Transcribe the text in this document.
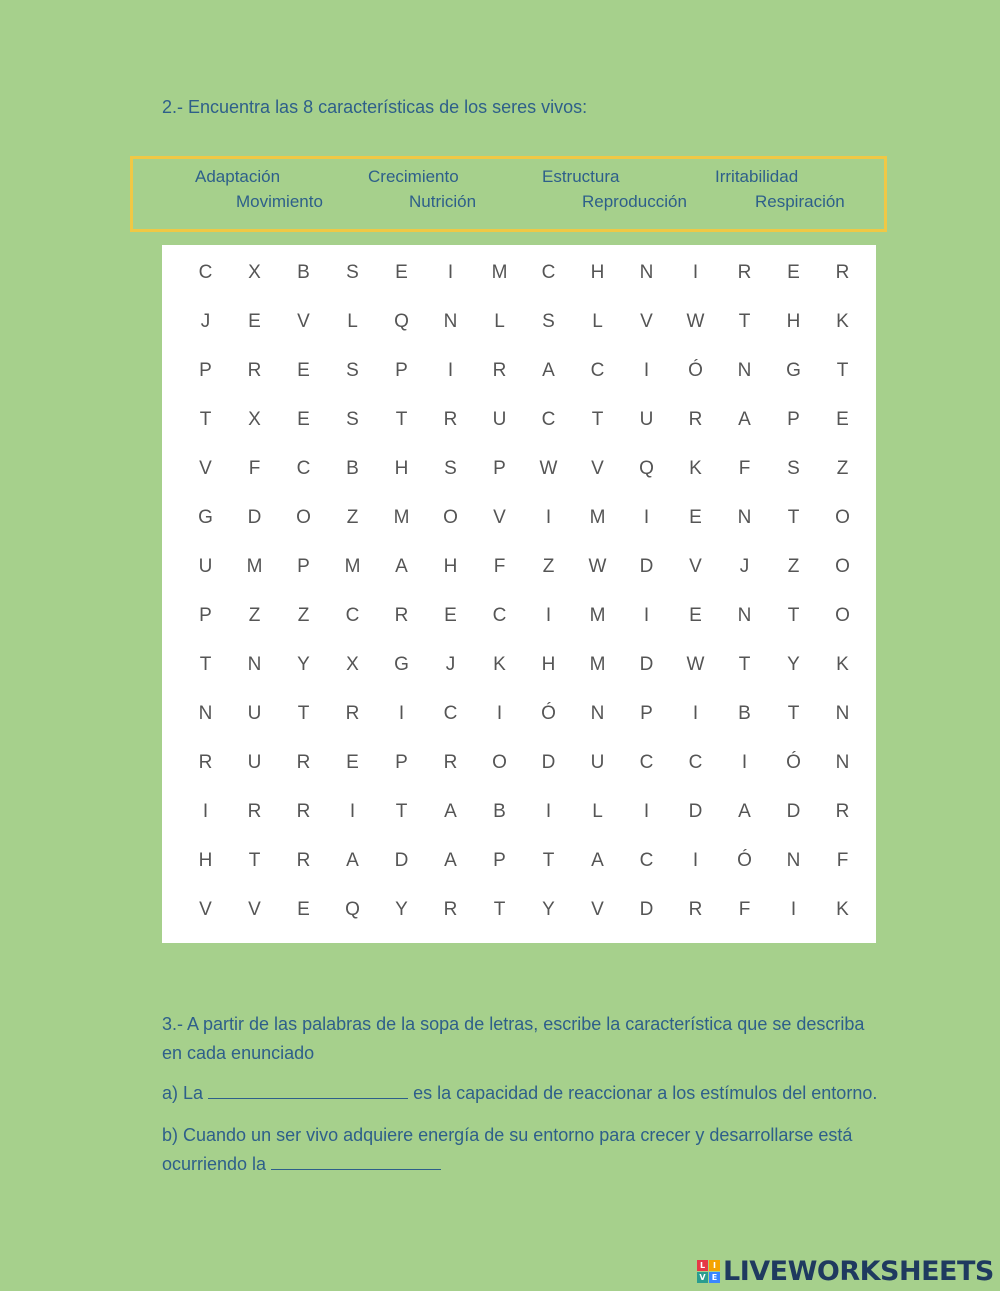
2.- Encuentra las 8 características de los seres vivos:
Adaptación	Crecimiento	Estructura	Irritabilidad
Movimiento	Nutrición	Reproducción	Respiración
C	X	B	S	E	I	M	C	H	N	I	R	E	R
J	E	V	L	Q	N	L	S	L	V	W	T	H	K
P	R	E	S	P	I	R	A	C	I	Ó	N	G	T
T	X	E	S	T	R	U	C	T	U	R	A	P	E
V	F	C	B	H	S	P	W	V	Q	K	F	S	Z
G	D	O	Z	M	O	V	I	M	I	E	N	T	O
U	M	P	M	A	H	F	Z	W	D	V	J	Z	O
P	Z	Z	C	R	E	C	I	M	I	E	N	T	O
T	N	Y	X	G	J	K	H	M	D	W	T	Y	K
N	U	T	R	I	C	I	Ó	N	P	I	B	T	N
R	U	R	E	P	R	O	D	U	C	C	I	Ó	N
I	R	R	I	T	A	B	I	L	I	D	A	D	R
H	T	R	A	D	A	P	T	A	C	I	Ó	N	F
V	V	E	Q	Y	R	T	Y	V	D	R	F	I	K
3.- A partir de las palabras de la sopa de letras, escribe la característica que se describa
en cada enunciado
a) La	es la capacidad de reaccionar a los estímulos del entorno.
b) Cuando un ser vivo adquiere energía de su entorno para crecer y desarrollarse está
ocurriendo la
L I
V E LIVEWORKSHEETS
